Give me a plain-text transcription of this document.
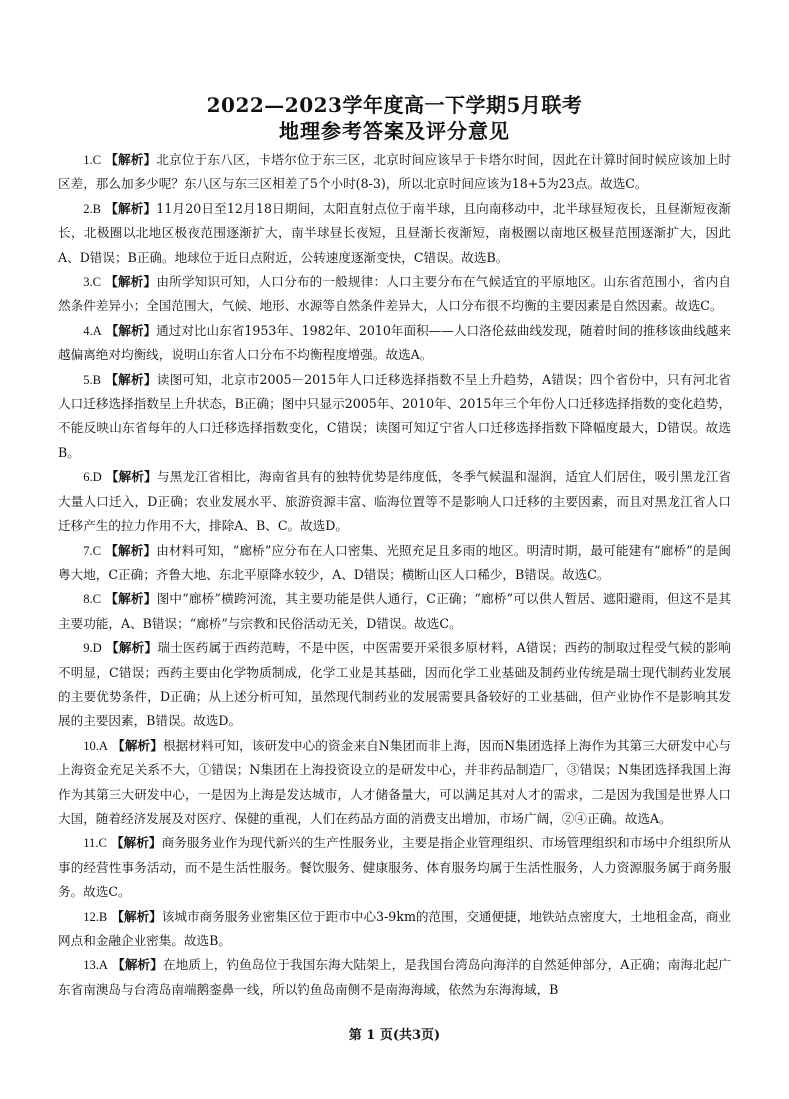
2022—2023学年度高一下学期5月联考
地理参考答案及评分意见

1.C 【解析】北京位于东八区，卡塔尔位于东三区，北京时间应该早于卡塔尔时间，因此在计算时间时候应该加上时区差，那么加多少呢？东八区与东三区相差了5个小时(8-3)，所以北京时间应该为18+5为23点。故选C。

2.B 【解析】11月20日至12月18日期间，太阳直射点位于南半球，且向南移动中，北半球昼短夜长，且昼渐短夜渐长，北极圈以北地区极夜范围逐渐扩大，南半球昼长夜短，且昼渐长夜渐短，南极圈以南地区极昼范围逐渐扩大，因此A、D错误；B正确。地球位于近日点附近，公转速度逐渐变快，C错误。故选B。

3.C 【解析】由所学知识可知，人口分布的一般规律：人口主要分布在气候适宜的平原地区。山东省范围小，省内自然条件差异小；全国范围大，气候、地形、水源等自然条件差异大，人口分布很不均衡的主要因素是自然因素。故选C。

4.A 【解析】通过对比山东省1953年、1982年、2010年面积——人口洛伦兹曲线发现，随着时间的推移该曲线越来越偏离绝对均衡线，说明山东省人口分布不均衡程度增强。故选A。

5.B 【解析】读图可知，北京市2005－2015年人口迁移选择指数不呈上升趋势，A错误；四个省份中，只有河北省人口迁移选择指数呈上升状态，B正确；图中只显示2005年、2010年、2015年三个年份人口迁移选择指数的变化趋势，不能反映山东省每年的人口迁移选择指数变化，C错误；读图可知辽宁省人口迁移选择指数下降幅度最大，D错误。故选B。

6.D 【解析】与黑龙江省相比，海南省具有的独特优势是纬度低，冬季气候温和湿润，适宜人们居住，吸引黑龙江省大量人口迁入，D正确；农业发展水平、旅游资源丰富、临海位置等不是影响人口迁移的主要因素，而且对黑龙江省人口迁移产生的拉力作用不大，排除A、B、C。故选D。

7.C 【解析】由材料可知，“廊桥”应分布在人口密集、光照充足且多雨的地区。明清时期，最可能建有“廊桥”的是闽粤大地，C正确；齐鲁大地、东北平原降水较少，A、D错误；横断山区人口稀少，B错误。故选C。

8.C 【解析】图中“廊桥”横跨河流，其主要功能是供人通行，C正确；“廊桥”可以供人暂居、遮阳避雨，但这不是其主要功能，A、B错误；“廊桥”与宗教和民俗活动无关，D错误。故选C。

9.D 【解析】瑞士医药属于西药范畴，不是中医，中医需要开采很多原材料，A错误；西药的制取过程受气候的影响不明显，C错误；西药主要由化学物质制成，化学工业是其基础，因而化学工业基础及制药业传统是瑞士现代制药业发展的主要优势条件，D正确；从上述分析可知，虽然现代制药业的发展需要具备较好的工业基础，但产业协作不是影响其发展的主要因素，B错误。故选D。

10.A 【解析】根据材料可知，该研发中心的资金来自N集团而非上海，因而N集团选择上海作为其第三大研发中心与上海资金充足关系不大，①错误；N集团在上海投资设立的是研发中心，并非药品制造厂，③错误；N集团选择我国上海作为其第三大研发中心，一是因为上海是发达城市，人才储备量大，可以满足其对人才的需求，二是因为我国是世界人口大国，随着经济发展及对医疗、保健的重视，人们在药品方面的消费支出增加，市场广阔，②④正确。故选A。

11.C 【解析】商务服务业作为现代新兴的生产性服务业，主要是指企业管理组织、市场管理组织和市场中介组织所从事的经营性事务活动，而不是生活性服务。餐饮服务、健康服务、体育服务均属于生活性服务，人力资源服务属于商务服务。故选C。

12.B 【解析】该城市商务服务业密集区位于距市中心3-9km的范围，交通便捷，地铁站点密度大，土地租金高，商业网点和金融企业密集。故选B。

13.A 【解析】在地质上，钓鱼岛位于我国东海大陆架上，是我国台湾岛向海洋的自然延伸部分，A正确；南海北起广东省南澳岛与台湾岛南端鹅銮鼻一线，所以钓鱼岛南侧不是南海海域，依然为东海海域，B

第 1 页(共3页)
